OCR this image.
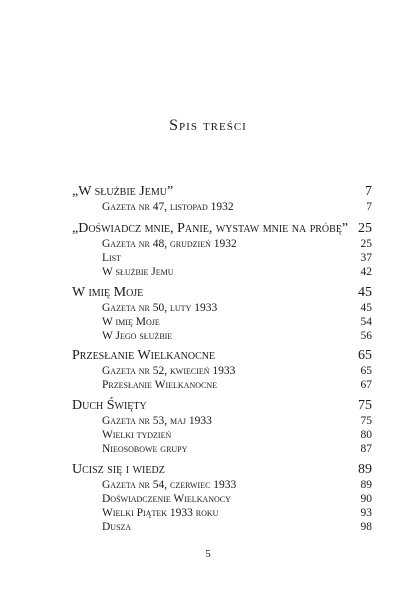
Spis treści
„W służbie Jemu”	7
Gazeta nr 47, listopad 1932	7
„Doświadcz mnie, Panie, wystaw mnie na próbę” 25
Gazeta nr 48, grudzień 1932	25
List	37
W służbie Jemu	42
W imię Moje	45
Gazeta nr 50, luty 1933	45
W imię Moje	54
W Jego służbie	56
Przesłanie Wielkanocne	65
Gazeta nr 52, kwiecień 1933	65
Przesłanie Wielkanocne	67
Duch Święty	75
Gazeta nr 53, maj 1933	75
Wielki tydzień	80
Nieosobowe grupy	87
Ucisz się i wiedz	89
Gazeta nr 54, czerwiec 1933	89
Doświadczenie Wielkanocy	90
Wielki Piątek 1933 roku	93
Dusza	98
5
